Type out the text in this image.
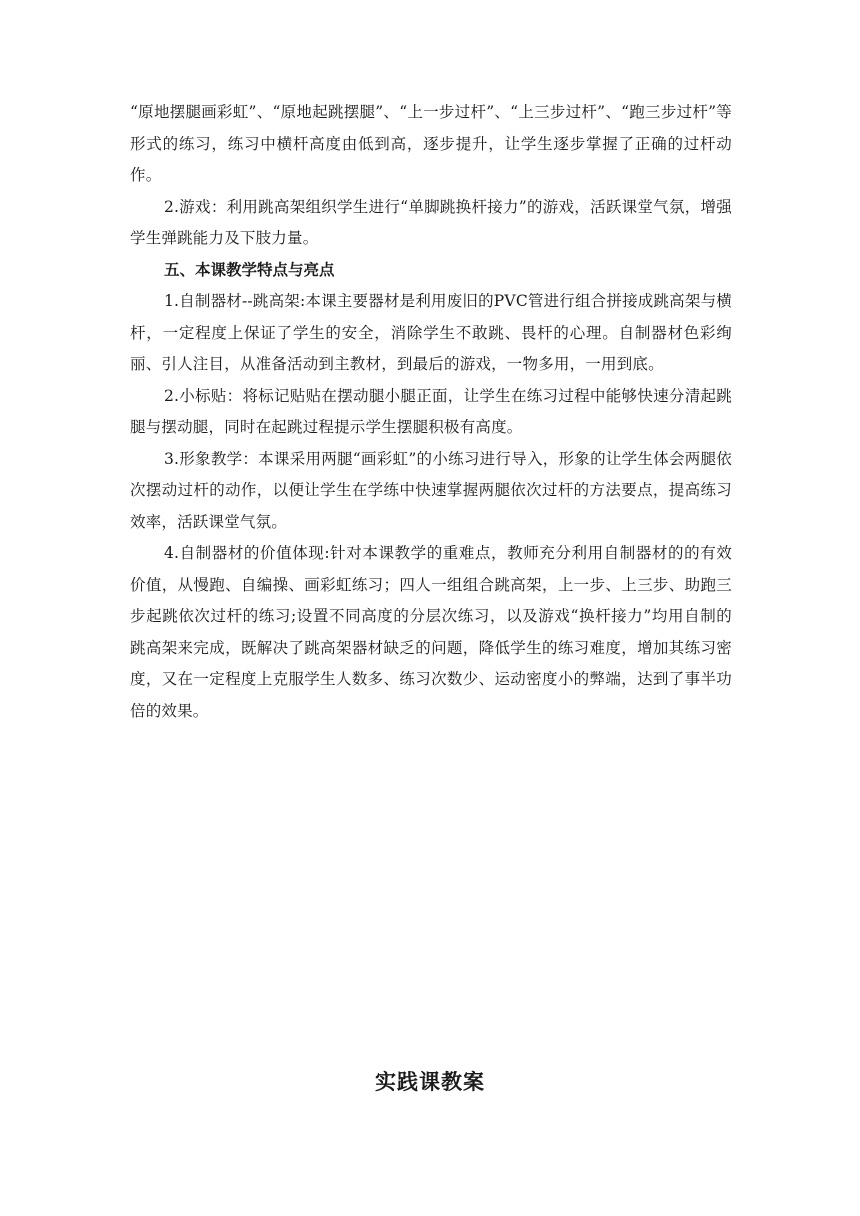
“原地摆腿画彩虹”、“原地起跳摆腿”、“上一步过杆”、“上三步过杆”、“跑三步过杆”等形式的练习，练习中横杆高度由低到高，逐步提升，让学生逐步掌握了正确的过杆动作。

2.游戏：利用跳高架组织学生进行“单脚跳换杆接力”的游戏，活跃课堂气氛，增强学生弹跳能力及下肢力量。

五、本课教学特点与亮点

1.自制器材--跳高架:本课主要器材是利用废旧的PVC管进行组合拼接成跳高架与横杆，一定程度上保证了学生的安全，消除学生不敢跳、畏杆的心理。自制器材色彩绚丽、引人注目，从准备活动到主教材，到最后的游戏，一物多用，一用到底。

2.小标贴：将标记贴贴在摆动腿小腿正面，让学生在练习过程中能够快速分清起跳腿与摆动腿，同时在起跳过程提示学生摆腿积极有高度。

3.形象教学：本课采用两腿“画彩虹”的小练习进行导入，形象的让学生体会两腿依次摆动过杆的动作，以便让学生在学练中快速掌握两腿依次过杆的方法要点，提高练习效率，活跃课堂气氛。

4.自制器材的价值体现:针对本课教学的重难点，教师充分利用自制器材的的有效价值，从慢跑、自编操、画彩虹练习；四人一组组合跳高架，上一步、上三步、助跑三步起跳依次过杆的练习;设置不同高度的分层次练习，以及游戏“换杆接力”均用自制的跳高架来完成，既解决了跳高架器材缺乏的问题，降低学生的练习难度，增加其练习密度，又在一定程度上克服学生人数多、练习次数少、运动密度小的弊端，达到了事半功倍的效果。

实践课教案
